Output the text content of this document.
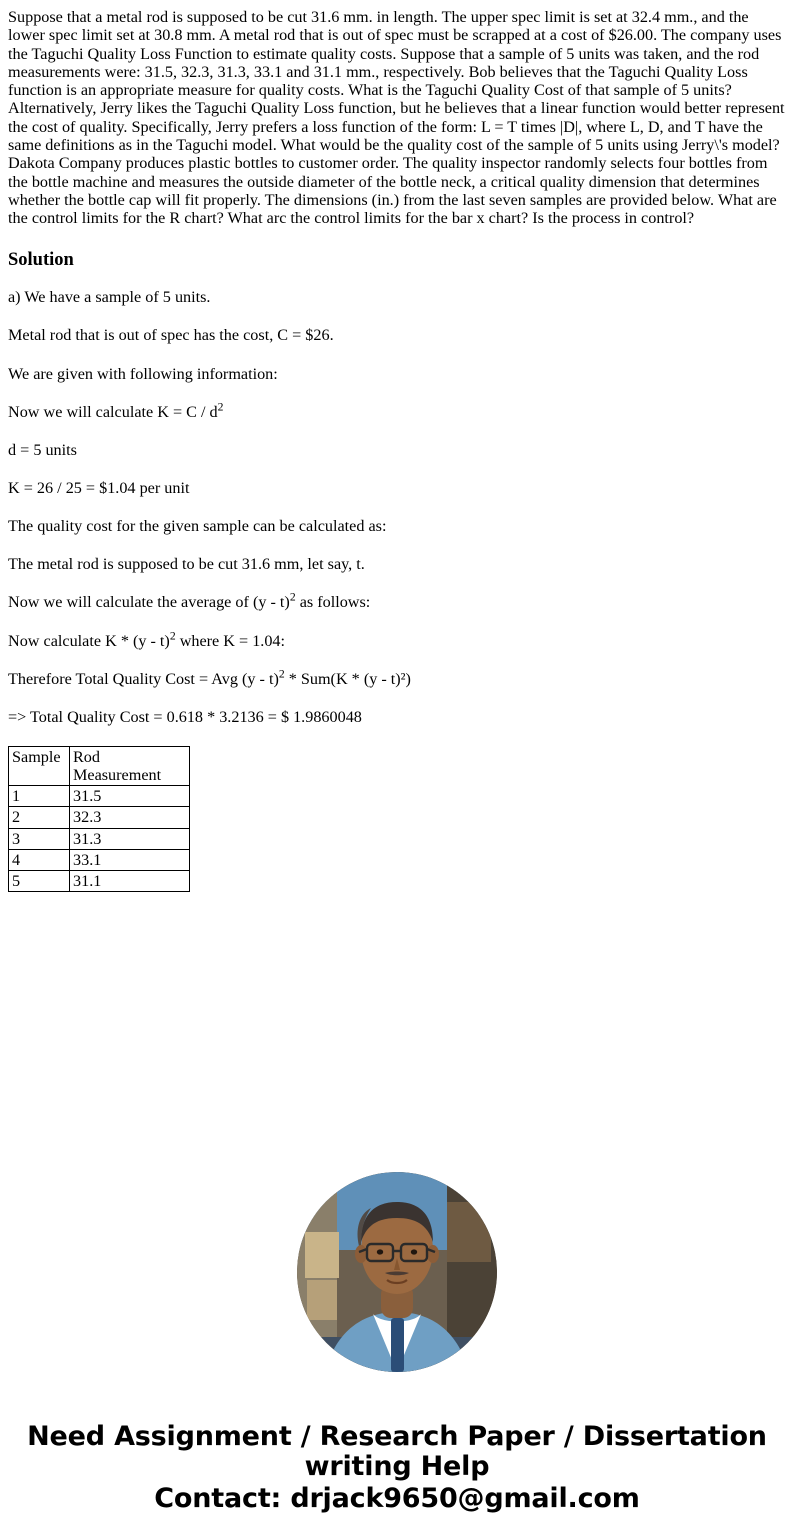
Suppose that a metal rod is supposed to be cut 31.6 mm. in length. The upper spec limit is set at 32.4 mm., and the lower spec limit set at 30.8 mm. A metal rod that is out of spec must be scrapped at a cost of $26.00. The company uses the Taguchi Quality Loss Function to estimate quality costs. Suppose that a sample of 5 units was taken, and the rod measurements were: 31.5, 32.3, 31.3, 33.1 and 31.1 mm., respectively. Bob believes that the Taguchi Quality Loss function is an appropriate measure for quality costs. What is the Taguchi Quality Cost of that sample of 5 units? Alternatively, Jerry likes the Taguchi Quality Loss function, but he believes that a linear function would better represent the cost of quality. Specifically, Jerry prefers a loss function of the form: L = T times |D|, where L, D, and T have the same definitions as in the Taguchi model. What would be the quality cost of the sample of 5 units using Jerry\'s model? Dakota Company produces plastic bottles to customer order. The quality inspector randomly selects four bottles from the bottle machine and measures the outside diameter of the bottle neck, a critical quality dimension that determines whether the bottle cap will fit properly. The dimensions (in.) from the last seven samples are provided below. What are the control limits for the R chart? What arc the control limits for the bar x chart? Is the process in control?

Solution

a) We have a sample of 5 units.

Metal rod that is out of spec has the cost, C = $26.

We are given with following information:

Now we will calculate $K = C / d^2$

d = 5 units

K = 26 / 25 = $1.04 per unit

The quality cost for the given sample can be calculated as:

The metal rod is supposed to be cut 31.6 mm, let say, t.

Now we will calculate the average of (y - t)$^2$ as follows:

Now calculate K * (y - t)$^2$ where K = 1.04:

Therefore Total Quality Cost = Avg (y - t)$^2$ * Sum(K * (y - t)²)

=> Total Quality Cost = 0.618 * 3.2136 = $ 1.9860048

Sample	Rod Measurement
1	31.5
2	32.3
3	31.3
4	33.1
5	31.1
Need Assignment / Research Paper / Dissertation writing Help
Contact: drjack9650@gmail.com
